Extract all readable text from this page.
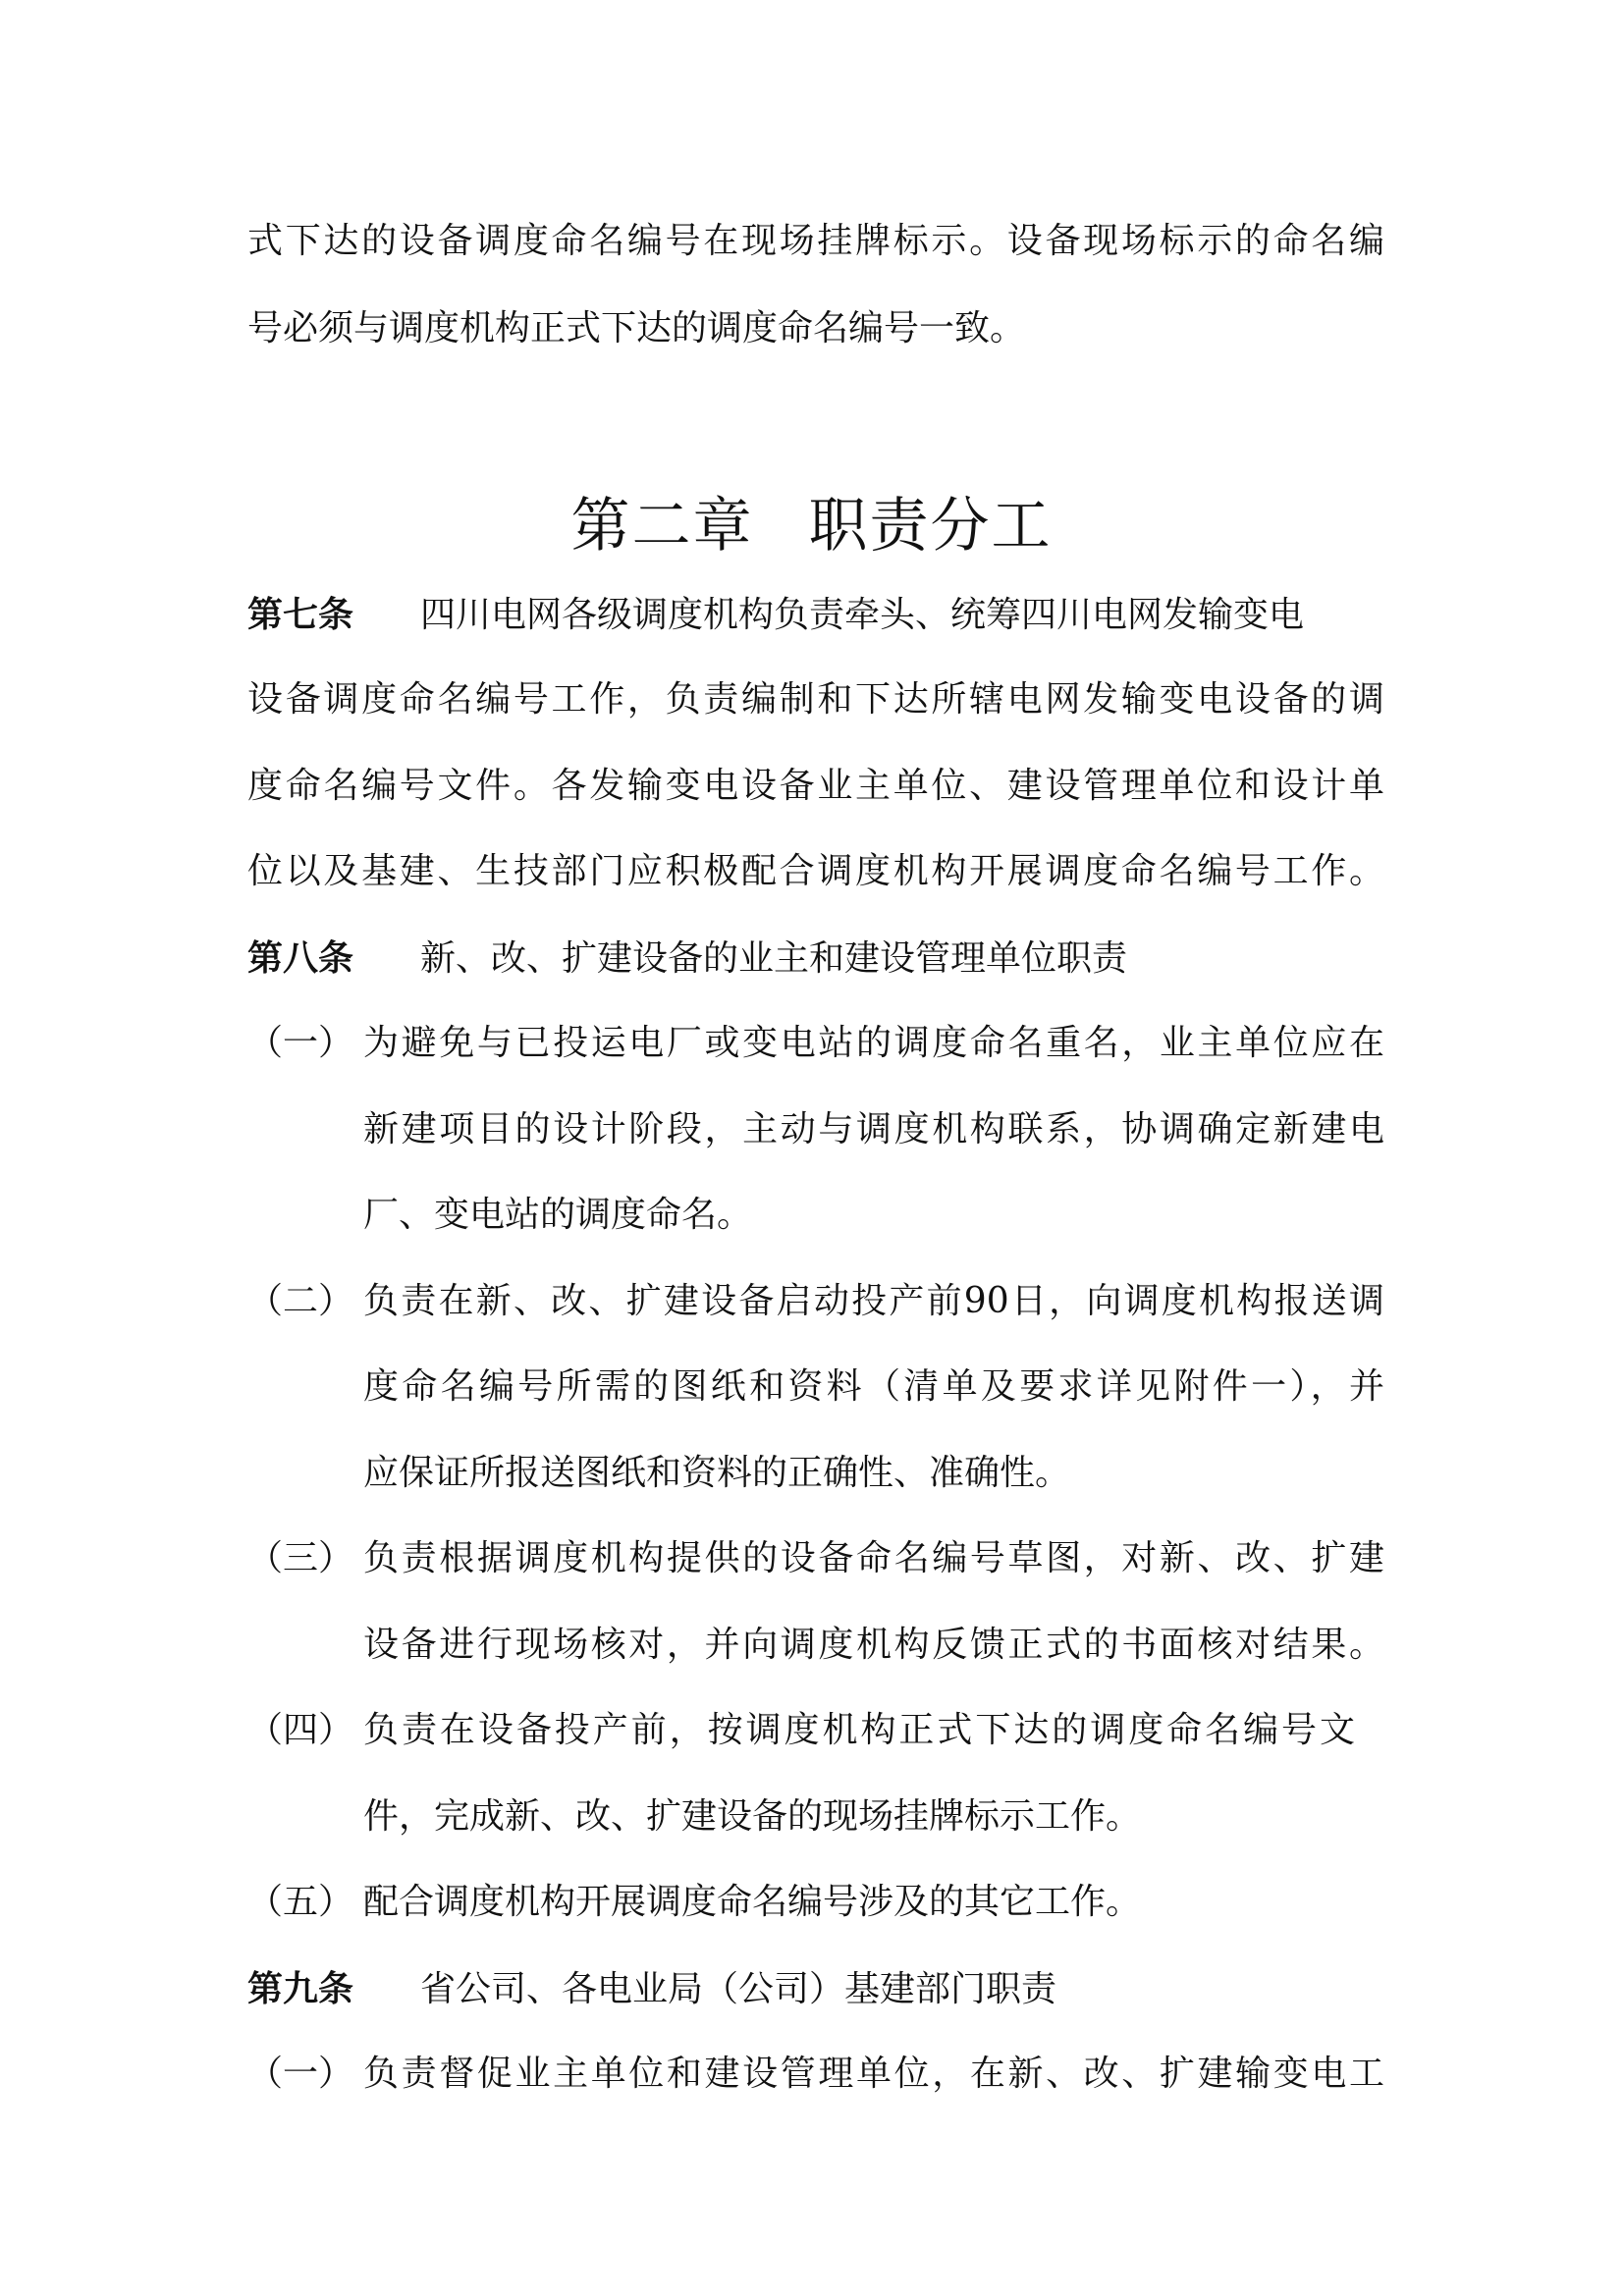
式下达的设备调度命名编号在现场挂牌标示。设备现场标示的命名编
号必须与调度机构正式下达的调度命名编号一致。
第二章 职责分工
第七条 四川电网各级调度机构负责牵头、统筹四川电网发输变电
设备调度命名编号工作，负责编制和下达所辖电网发输变电设备的调
度命名编号文件。各发输变电设备业主单位、建设管理单位和设计单
位以及基建、生技部门应积极配合调度机构开展调度命名编号工作。
第八条 新、改、扩建设备的业主和建设管理单位职责
（一） 为避免与已投运电厂或变电站的调度命名重名，业主单位应在
新建项目的设计阶段，主动与调度机构联系，协调确定新建电
厂、变电站的调度命名。
（二） 负责在新、改、扩建设备启动投产前90日，向调度机构报送调
度命名编号所需的图纸和资料（清单及要求详见附件一），并
应保证所报送图纸和资料的正确性、准确性。
（三） 负责根据调度机构提供的设备命名编号草图，对新、改、扩建
设备进行现场核对，并向调度机构反馈正式的书面核对结果。
（四） 负责在设备投产前，按调度机构正式下达的调度命名编号文
件，完成新、改、扩建设备的现场挂牌标示工作。
（五） 配合调度机构开展调度命名编号涉及的其它工作。
第九条 省公司、各电业局（公司）基建部门职责
（一） 负责督促业主单位和建设管理单位，在新、改、扩建输变电工
